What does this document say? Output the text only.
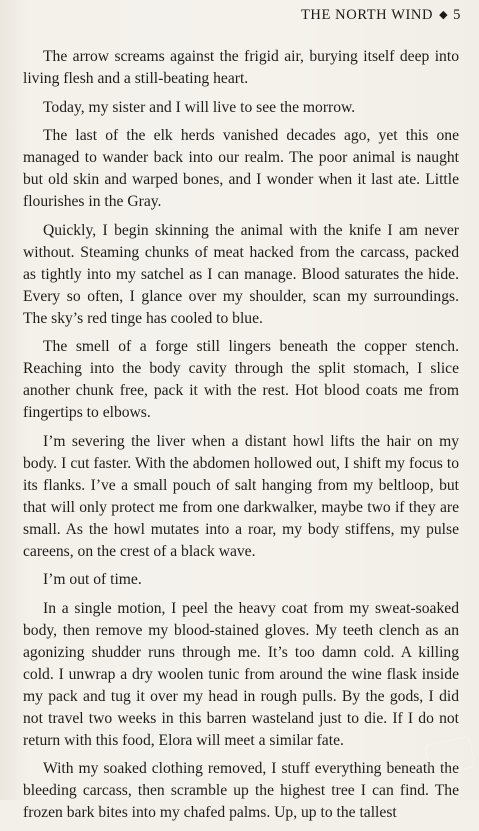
THE NORTH WIND ◆ 5

The arrow screams against the frigid air, burying itself deep into living flesh and a still-beating heart.

Today, my sister and I will live to see the morrow.

The last of the elk herds vanished decades ago, yet this one managed to wander back into our realm. The poor animal is naught but old skin and warped bones, and I wonder when it last ate. Little flourishes in the Gray.

Quickly, I begin skinning the animal with the knife I am never without. Steaming chunks of meat hacked from the carcass, packed as tightly into my satchel as I can manage. Blood saturates the hide. Every so often, I glance over my shoulder, scan my surroundings. The sky’s red tinge has cooled to blue.

The smell of a forge still lingers beneath the copper stench. Reaching into the body cavity through the split stomach, I slice another chunk free, pack it with the rest. Hot blood coats me from fingertips to elbows.

I’m severing the liver when a distant howl lifts the hair on my body. I cut faster. With the abdomen hollowed out, I shift my focus to its flanks. I’ve a small pouch of salt hanging from my beltloop, but that will only protect me from one darkwalker, maybe two if they are small. As the howl mutates into a roar, my body stiffens, my pulse careens, on the crest of a black wave.

I’m out of time.

In a single motion, I peel the heavy coat from my sweat-soaked body, then remove my blood-stained gloves. My teeth clench as an agonizing shudder runs through me. It’s too damn cold. A killing cold. I unwrap a dry woolen tunic from around the wine flask inside my pack and tug it over my head in rough pulls. By the gods, I did not travel two weeks in this barren wasteland just to die. If I do not return with this food, Elora will meet a similar fate.

With my soaked clothing removed, I stuff everything beneath the bleeding carcass, then scramble up the highest tree I can find. The frozen bark bites into my chafed palms. Up, up to the tallest
